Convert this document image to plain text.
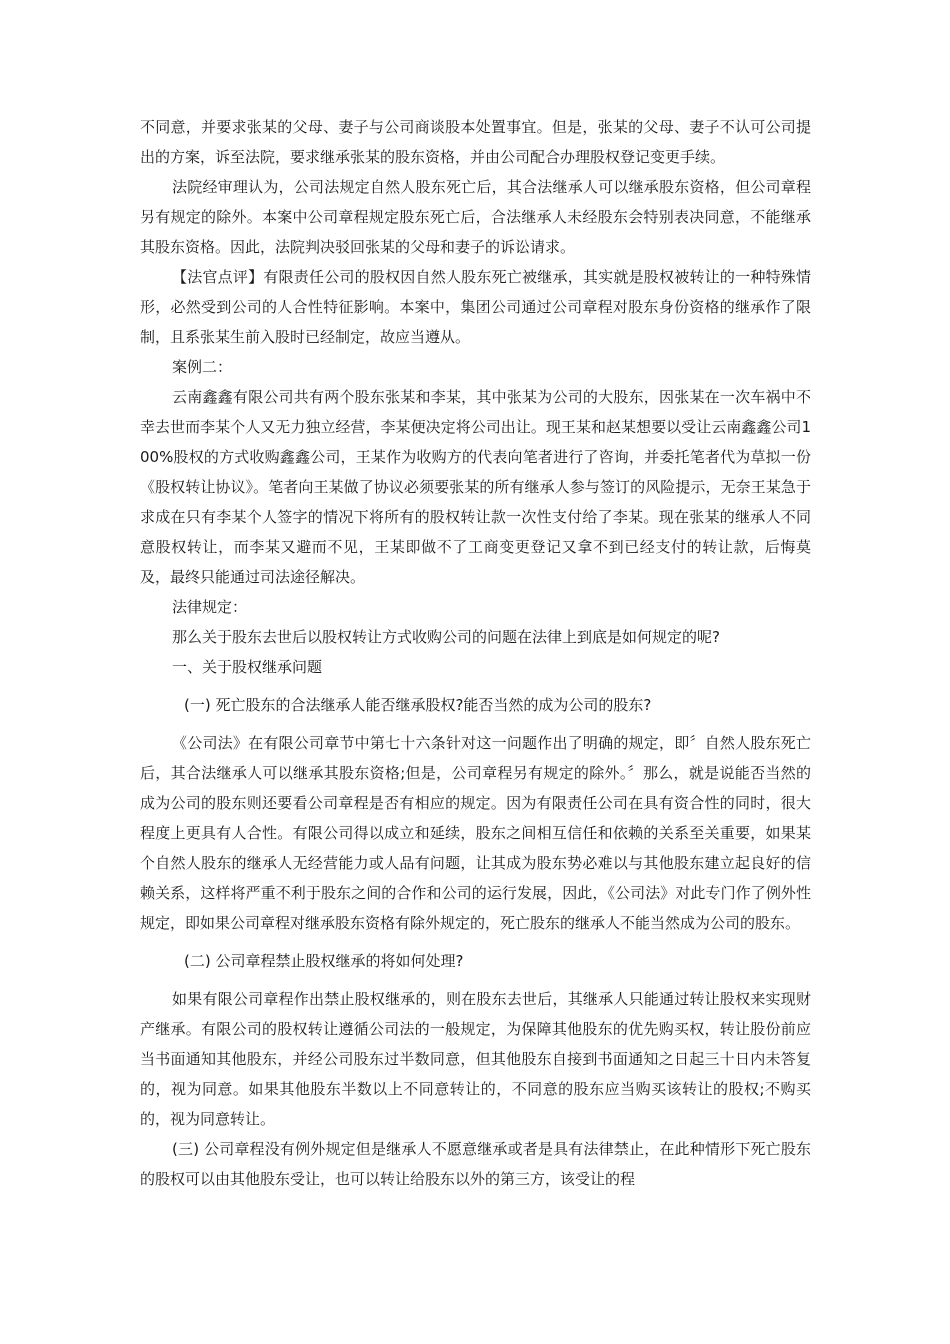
不同意，并要求张某的父母、妻子与公司商谈股本处置事宜。但是，张某的父母、妻子不认可公司提出的方案，诉至法院，要求继承张某的股东资格，并由公司配合办理股权登记变更手续。

法院经审理认为，公司法规定自然人股东死亡后，其合法继承人可以继承股东资格，但公司章程另有规定的除外。本案中公司章程规定股东死亡后，合法继承人未经股东会特别表决同意，不能继承其股东资格。因此，法院判决驳回张某的父母和妻子的诉讼请求。

【法官点评】有限责任公司的股权因自然人股东死亡被继承，其实就是股权被转让的一种特殊情形，必然受到公司的人合性特征影响。本案中，集团公司通过公司章程对股东身份资格的继承作了限制，且系张某生前入股时已经制定，故应当遵从。

案例二：

云南鑫鑫有限公司共有两个股东张某和李某，其中张某为公司的大股东，因张某在一次车祸中不幸去世而李某个人又无力独立经营，李某便决定将公司出让。现王某和赵某想要以受让云南鑫鑫公司100%股权的方式收购鑫鑫公司，王某作为收购方的代表向笔者进行了咨询，并委托笔者代为草拟一份《股权转让协议》。笔者向王某做了协议必须要张某的所有继承人参与签订的风险提示，无奈王某急于求成在只有李某个人签字的情况下将所有的股权转让款一次性支付给了李某。现在张某的继承人不同意股权转让，而李某又避而不见，王某即做不了工商变更登记又拿不到已经支付的转让款，后悔莫及，最终只能通过司法途径解决。

法律规定：

那么关于股东去世后以股权转让方式收购公司的问题在法律上到底是如何规定的呢?

一、关于股权继承问题

(一) 死亡股东的合法继承人能否继承股权?能否当然的成为公司的股东?

《公司法》在有限公司章节中第七十六条针对这一问题作出了明确的规定，即〞自然人股东死亡后，其合法继承人可以继承其股东资格;但是，公司章程另有规定的除外。〞那么，就是说能否当然的成为公司的股东则还要看公司章程是否有相应的规定。因为有限责任公司在具有资合性的同时，很大程度上更具有人合性。有限公司得以成立和延续，股东之间相互信任和依赖的关系至关重要，如果某个自然人股东的继承人无经营能力或人品有问题，让其成为股东势必难以与其他股东建立起良好的信赖关系，这样将严重不利于股东之间的合作和公司的运行发展，因此，《公司法》对此专门作了例外性规定，即如果公司章程对继承股东资格有除外规定的，死亡股东的继承人不能当然成为公司的股东。

(二) 公司章程禁止股权继承的将如何处理?

如果有限公司章程作出禁止股权继承的，则在股东去世后，其继承人只能通过转让股权来实现财产继承。有限公司的股权转让遵循公司法的一般规定，为保障其他股东的优先购买权，转让股份前应当书面通知其他股东，并经公司股东过半数同意，但其他股东自接到书面通知之日起三十日内未答复的，视为同意。如果其他股东半数以上不同意转让的，不同意的股东应当购买该转让的股权;不购买的，视为同意转让。

(三) 公司章程没有例外规定但是继承人不愿意继承或者是具有法律禁止，在此种情形下死亡股东的股权可以由其他股东受让，也可以转让给股东以外的第三方，该受让的程
